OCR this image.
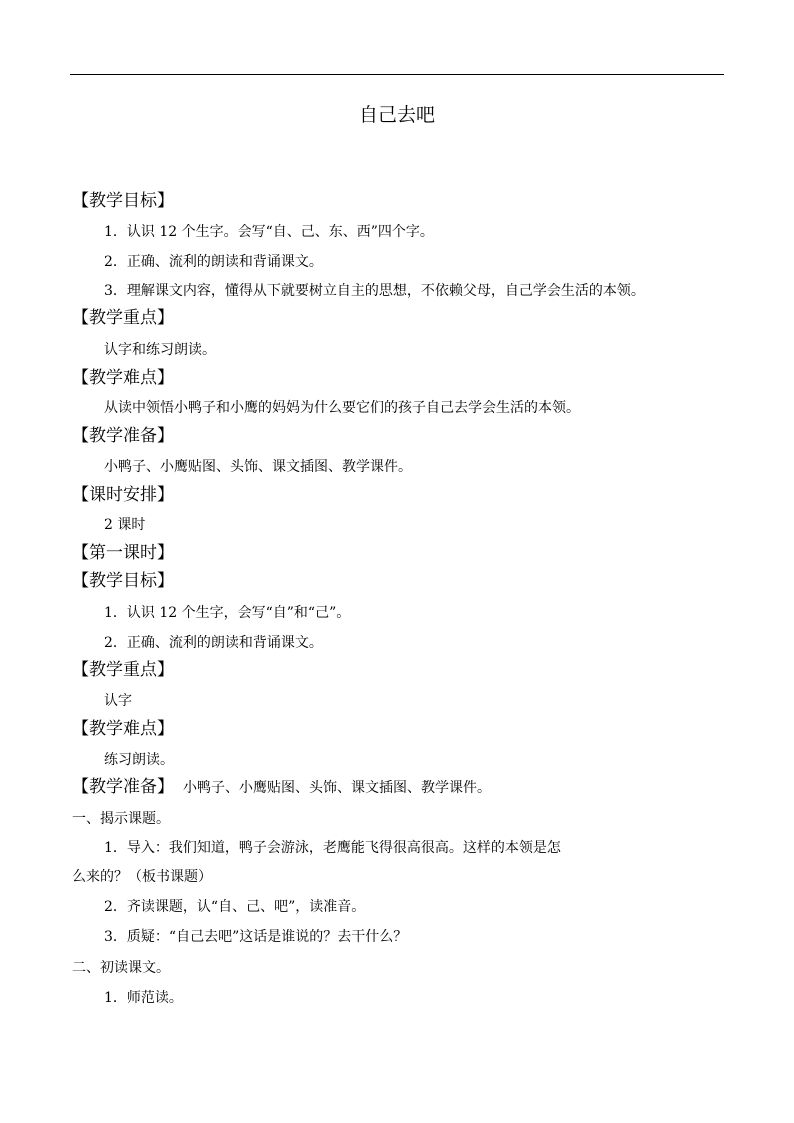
自己去吧
【教学目标】
1．认识 12 个生字。会写“自、己、东、西”四个字。
2．正确、流利的朗读和背诵课文。
3．理解课文内容，懂得从下就要树立自主的思想，不依赖父母，自己学会生活的本领。
【教学重点】
认字和练习朗读。
【教学难点】
从读中领悟小鸭子和小鹰的妈妈为什么要它们的孩子自己去学会生活的本领。
【教学准备】
小鸭子、小鹰贴图、头饰、课文插图、教学课件。
【课时安排】
2 课时
【第一课时】
【教学目标】
1．认识 12 个生字，会写“自”和“己”。
2．正确、流利的朗读和背诵课文。
【教学重点】
认字
【教学难点】
练习朗读。
【教学准备】 小鸭子、小鹰贴图、头饰、课文插图、教学课件。
一、揭示课题。
1．导入：我们知道，鸭子会游泳，老鹰能飞得很高很高。这样的本领是怎
么来的？（板书课题）
2．齐读课题，认“自、己、吧”，读准音。
3．质疑：“自己去吧”这话是谁说的？去干什么？
二、初读课文。
1．师范读。
